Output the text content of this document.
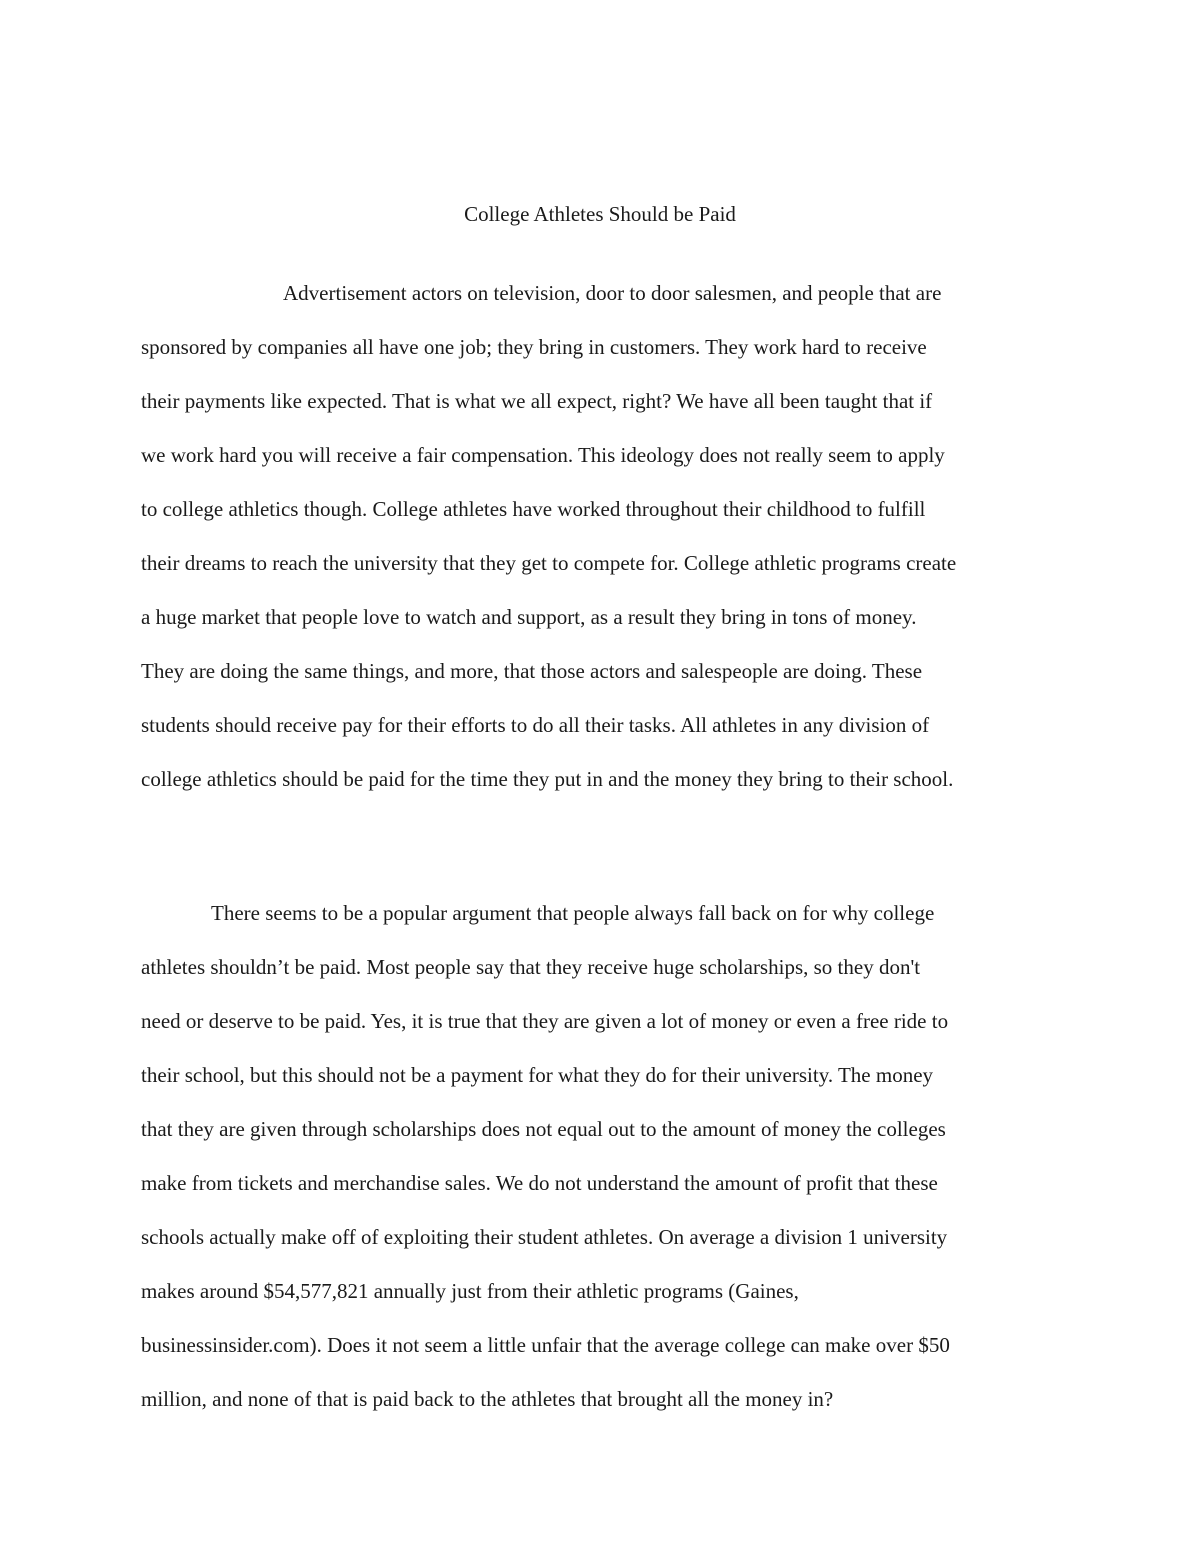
College Athletes Should be Paid
Advertisement actors on television, door to door salesmen, and people that are
sponsored by companies all have one job; they bring in customers. They work hard to receive
their payments like expected. That is what we all expect, right? We have all been taught that if
we work hard you will receive a fair compensation. This ideology does not really seem to apply
to college athletics though. College athletes have worked throughout their childhood to fulfill
their dreams to reach the university that they get to compete for. College athletic programs create
a huge market that people love to watch and support, as a result they bring in tons of money.
They are doing the same things, and more, that those actors and salespeople are doing. These
students should receive pay for their efforts to do all their tasks. All athletes in any division of
college athletics should be paid for the time they put in and the money they bring to their school.
There seems to be a popular argument that people always fall back on for why college
athletes shouldn’t be paid. Most people say that they receive huge scholarships, so they don't
need or deserve to be paid. Yes, it is true that they are given a lot of money or even a free ride to
their school, but this should not be a payment for what they do for their university. The money
that they are given through scholarships does not equal out to the amount of money the colleges
make from tickets and merchandise sales. We do not understand the amount of profit that these
schools actually make off of exploiting their student athletes. On average a division 1 university
makes around $54,577,821 annually just from their athletic programs (Gaines,
businessinsider.com). Does it not seem a little unfair that the average college can make over $50
million, and none of that is paid back to the athletes that brought all the money in?
